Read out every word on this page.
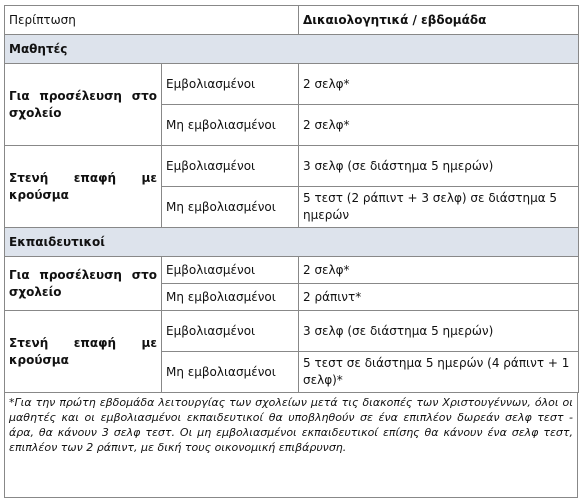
Περίπτωση		Δικαιολογητικά / εβδομάδα
Μαθητές		
Για προσέλευση στο σχολείο	Εμβολιασμένοι	2 σελφ*
	Μη εμβολιασμένοι	2 σελφ*
Στενή επαφή με κρούσμα	Εμβολιασμένοι	3 σελφ (σε διάστημα 5 ημερών)
	Μη εμβολιασμένοι	5 τεστ (2 ράπιντ + 3 σελφ) σε διάστημα 5 ημερών
Εκπαιδευτικοί		
Για προσέλευση στο σχολείο	Εμβολιασμένοι	2 σελφ*
	Μη εμβολιασμένοι	2 ράπιντ*
Στενή επαφή με κρούσμα	Εμβολιασμένοι	3 σελφ (σε διάστημα 5 ημερών)
	Μη εμβολιασμένοι	5 τεστ σε διάστημα 5 ημερών (4 ράπιντ + 1 σελφ)*
*Για την πρώτη εβδομάδα λειτουργίας των σχολείων μετά τις διακοπές των Χριστουγέννων, όλοι οι μαθητές και οι εμβολιασμένοι εκπαιδευτικοί θα υποβληθούν σε ένα επιπλέον δωρεάν σελφ τεστ - άρα, θα κάνουν 3 σελφ τεστ. Οι μη εμβολιασμένοι εκπαιδευτικοί επίσης θα κάνουν ένα σελφ τεστ, επιπλέον των 2 ράπιντ, με δική τους οικονομική επιβάρυνση.
